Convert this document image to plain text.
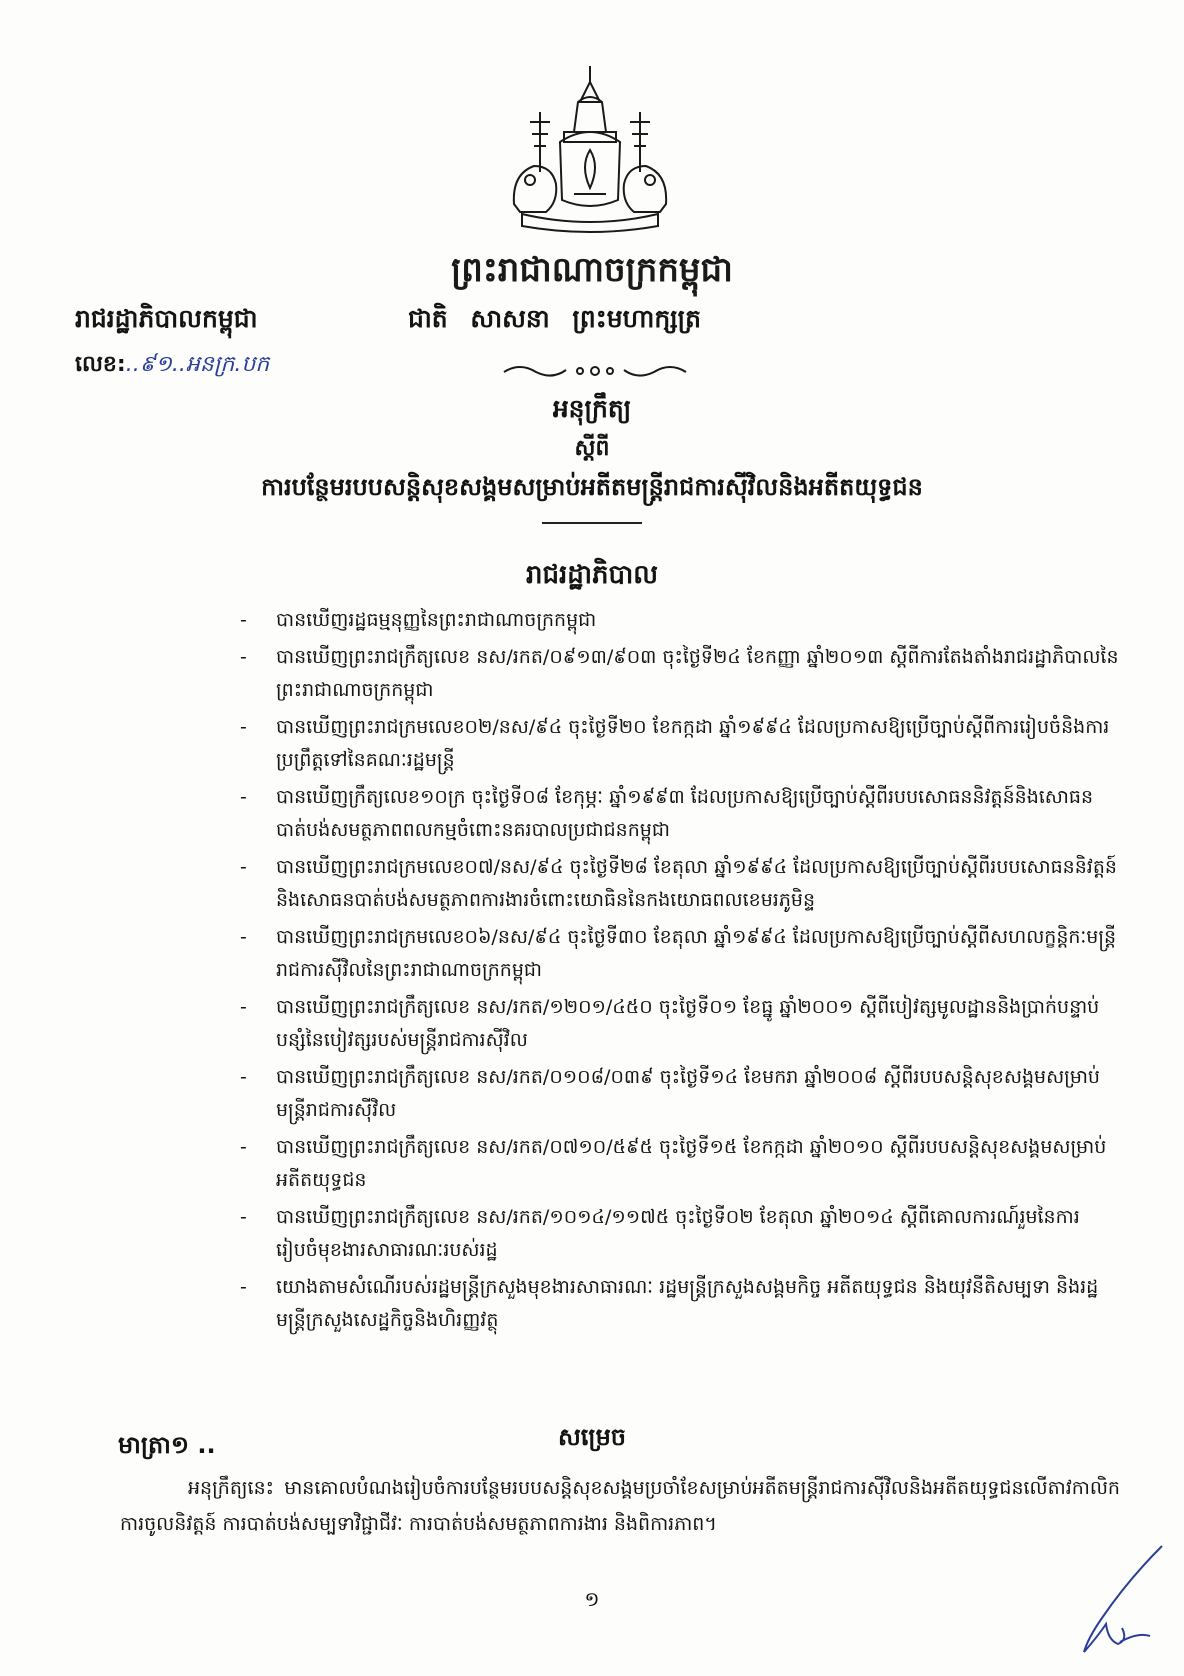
ព្រះរាជាណាចក្រកម្ពុជា
រាជរដ្ឋាភិបាលកម្ពុជា	ជាតិ សាសនា ព្រះមហាក្សត្រ
លេខ:..៩១..អនក្រ.បក
អនុក្រឹត្យ
ស្តីពី
ការបន្ថែមរបបសន្តិសុខសង្គមសម្រាប់អតីតមន្ត្រីរាជការស៊ីវិលនិងអតីតយុទ្ធជន
រាជរដ្ឋាភិបាល
- បានឃើញរដ្ឋធម្មនុញ្ញនៃព្រះរាជាណាចក្រកម្ពុជា
- បានឃើញព្រះរាជក្រឹត្យលេខ នស/រកត/០៩១៣/៩០៣ ចុះថ្ងៃទី២៤ ខែកញ្ញា ឆ្នាំ២០១៣ ស្តីពីការតែងតាំងរាជរដ្ឋាភិបាលនៃព្រះរាជាណាចក្រកម្ពុជា
- បានឃើញព្រះរាជក្រមលេខ០២/នស/៩៤ ចុះថ្ងៃទី២០ ខែកក្កដា ឆ្នាំ១៩៩៤ ដែលប្រកាសឱ្យប្រើច្បាប់ស្តីពីការរៀបចំនិងការប្រព្រឹត្តទៅនៃគណៈរដ្ឋមន្ត្រី
- បានឃើញក្រឹត្យលេខ១០ក្រ ចុះថ្ងៃទី០៨ ខែកុម្ភៈ ឆ្នាំ១៩៩៣ ដែលប្រកាសឱ្យប្រើច្បាប់ស្តីពីរបបសោធននិវត្តន៍និងសោធនបាត់បង់សមត្ថភាពពលកម្មចំពោះនគរបាលប្រជាជនកម្ពុជា
- បានឃើញព្រះរាជក្រមលេខ០៧/នស/៩៤ ចុះថ្ងៃទី២៨ ខែតុលា ឆ្នាំ១៩៩៤ ដែលប្រកាសឱ្យប្រើច្បាប់ស្តីពីរបបសោធននិវត្តន៍និងសោធនបាត់បង់សមត្ថភាពការងារចំពោះយោធិននៃកងយោធពលខេមរភូមិន្ទ
- បានឃើញព្រះរាជក្រមលេខ០៦/នស/៩៤ ចុះថ្ងៃទី៣០ ខែតុលា ឆ្នាំ១៩៩៤ ដែលប្រកាសឱ្យប្រើច្បាប់ស្តីពីសហលក្ខន្តិកៈមន្ត្រីរាជការស៊ីវិលនៃព្រះរាជាណាចក្រកម្ពុជា
- បានឃើញព្រះរាជក្រឹត្យលេខ នស/រកត/១២០១/៤៥០ ចុះថ្ងៃទី០១ ខែធ្នូ ឆ្នាំ២០០១ ស្តីពីបៀវត្សមូលដ្ឋាននិងប្រាក់បន្ទាប់បន្សំនៃបៀវត្សរបស់មន្ត្រីរាជការស៊ីវិល
- បានឃើញព្រះរាជក្រឹត្យលេខ នស/រកត/០១០៨/០៣៩ ចុះថ្ងៃទី១៤ ខែមករា ឆ្នាំ២០០៨ ស្តីពីរបបសន្តិសុខសង្គមសម្រាប់មន្ត្រីរាជការស៊ីវិល
- បានឃើញព្រះរាជក្រឹត្យលេខ នស/រកត/០៧១០/៥៩៥ ចុះថ្ងៃទី១៥ ខែកក្កដា ឆ្នាំ២០១០ ស្តីពីរបបសន្តិសុខសង្គមសម្រាប់អតីតយុទ្ធជន
- បានឃើញព្រះរាជក្រឹត្យលេខ នស/រកត/១០១៤/១១៧៥ ចុះថ្ងៃទី០២ ខែតុលា ឆ្នាំ២០១៤ ស្តីពីគោលការណ៍រួមនៃការរៀបចំមុខងារសាធារណៈរបស់រដ្ឋ
- យោងតាមសំណើរបស់រដ្ឋមន្ត្រីក្រសួងមុខងារសាធារណៈ រដ្ឋមន្ត្រីក្រសួងសង្គមកិច្ច អតីតយុទ្ធជន និងយុវនីតិសម្បទា និងរដ្ឋមន្ត្រីក្រសួងសេដ្ឋកិច្ចនិងហិរញ្ញវត្ថុ
សម្រេច
មាត្រា១ ..
អនុក្រឹត្យនេះ មានគោលបំណងរៀបចំការបន្ថែមរបបសន្តិសុខសង្គមប្រចាំខែសម្រាប់អតីតមន្ត្រីរាជការស៊ីវិលនិងអតីតយុទ្ធជនលើតាវកាលិកការចូលនិវត្តន៍ ការបាត់បង់សម្បទាវិជ្ជាជីវៈ ការបាត់បង់សមត្ថភាពការងារ និងពិការភាព។
១
